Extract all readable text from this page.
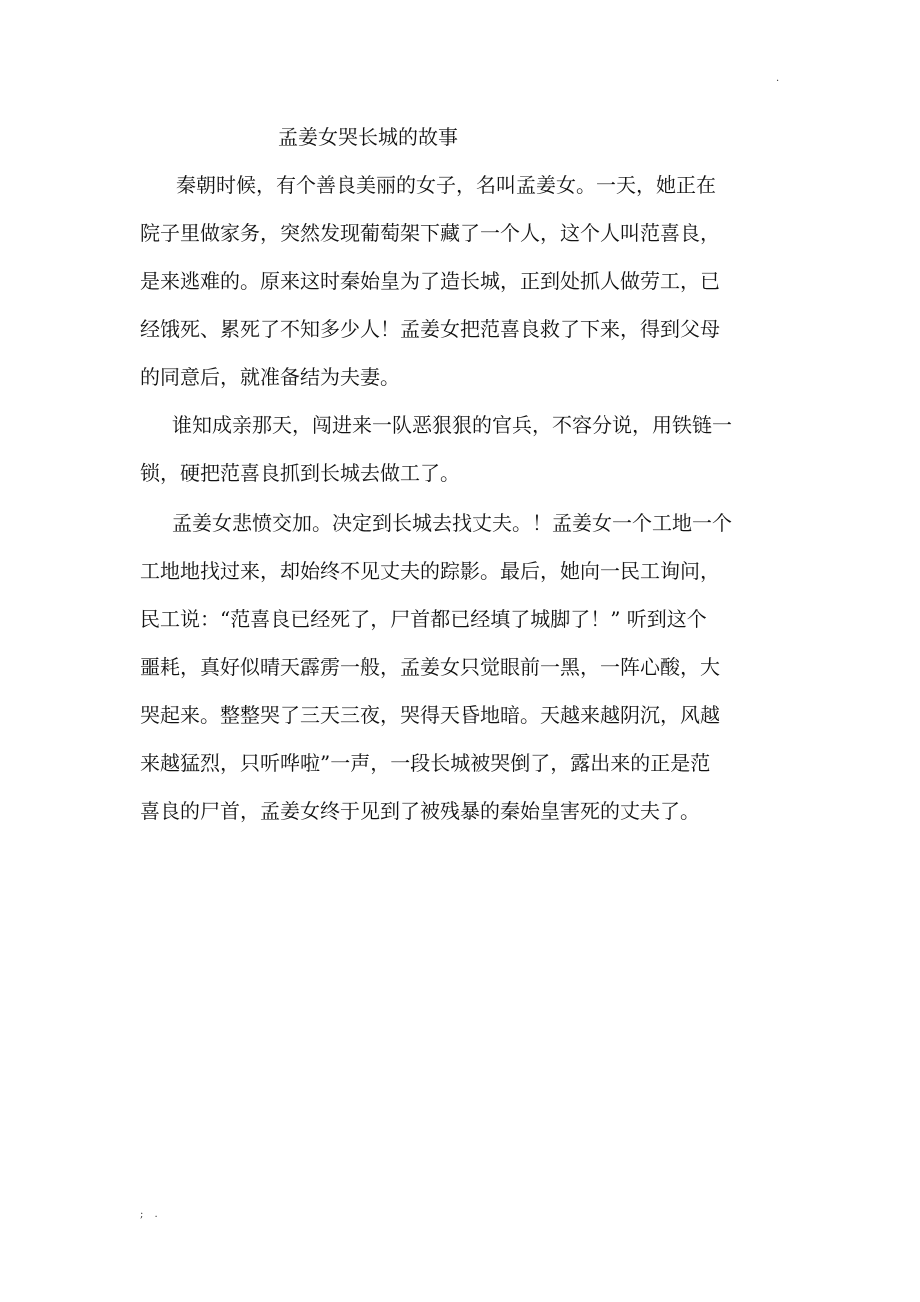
.
孟姜女哭长城的故事
秦朝时候，有个善良美丽的女子，名叫孟姜女。一天，她正在
院子里做家务，突然发现葡萄架下藏了一个人，这个人叫范喜良，
是来逃难的。原来这时秦始皇为了造长城，正到处抓人做劳工，已
经饿死、累死了不知多少人！孟姜女把范喜良救了下来，得到父母
的同意后，就准备结为夫妻。
谁知成亲那天，闯进来一队恶狠狠的官兵，不容分说，用铁链一
锁，硬把范喜良抓到长城去做工了。
孟姜女悲愤交加。决定到长城去找丈夫。！孟姜女一个工地一个
工地地找过来，却始终不见丈夫的踪影。最后，她向一民工询问，
民工说：“范喜良已经死了，尸首都已经填了城脚了！” 听到这个
噩耗，真好似晴天霹雳一般，孟姜女只觉眼前一黑，一阵心酸，大
哭起来。整整哭了三天三夜，哭得天昏地暗。天越来越阴沉，风越
来越猛烈，只听哗啦”一声，一段长城被哭倒了，露出来的正是范
喜良的尸首，孟姜女终于见到了被残暴的秦始皇害死的丈夫了。
; .
